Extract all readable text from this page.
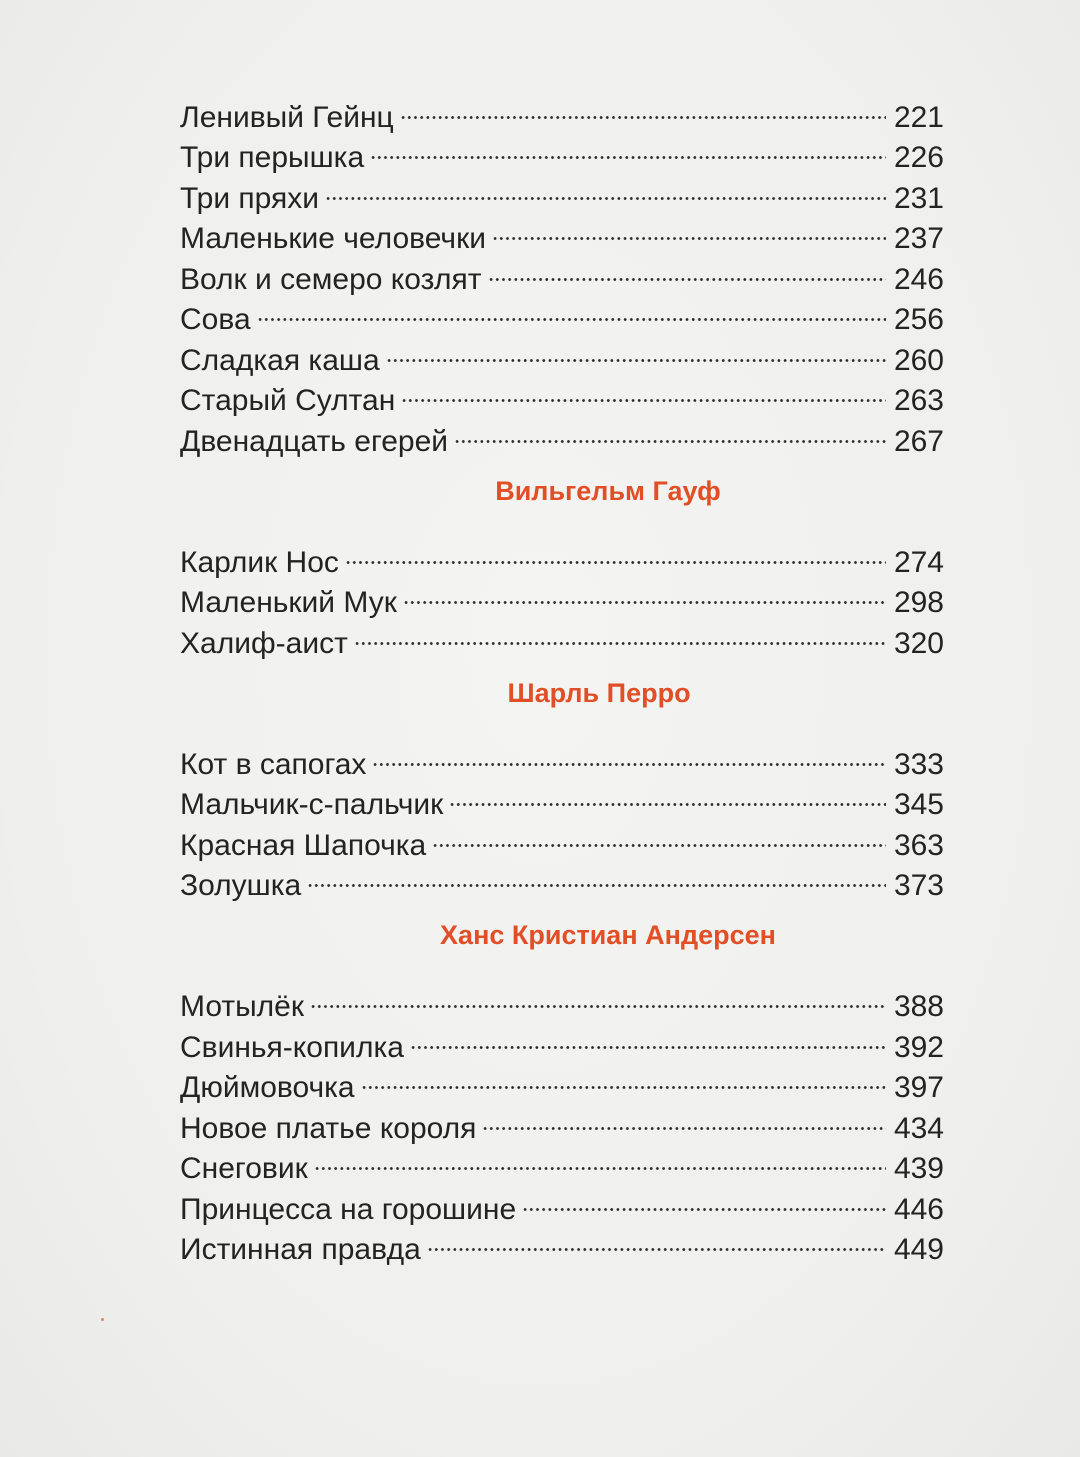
Ленивый Гейнц	221
Три перышка	226
Три пряхи	231
Маленькие человечки	237
Волк и семеро козлят	246
Сова	256
Сладкая каша	260
Старый Султан	263
Двенадцать егерей	267
Вильгельм Гауф
Карлик Нос	274
Маленький Мук	298
Халиф-аист	320
Шарль Перро
Кот в сапогах	333
Мальчик-с-пальчик	345
Красная Шапочка	363
Золушка	373
Ханс Кристиан Андерсен
Мотылёк	388
Свинья-копилка	392
Дюймовочка	397
Новое платье короля	434
Снеговик	439
Принцесса на горошине	446
Истинная правда	449
